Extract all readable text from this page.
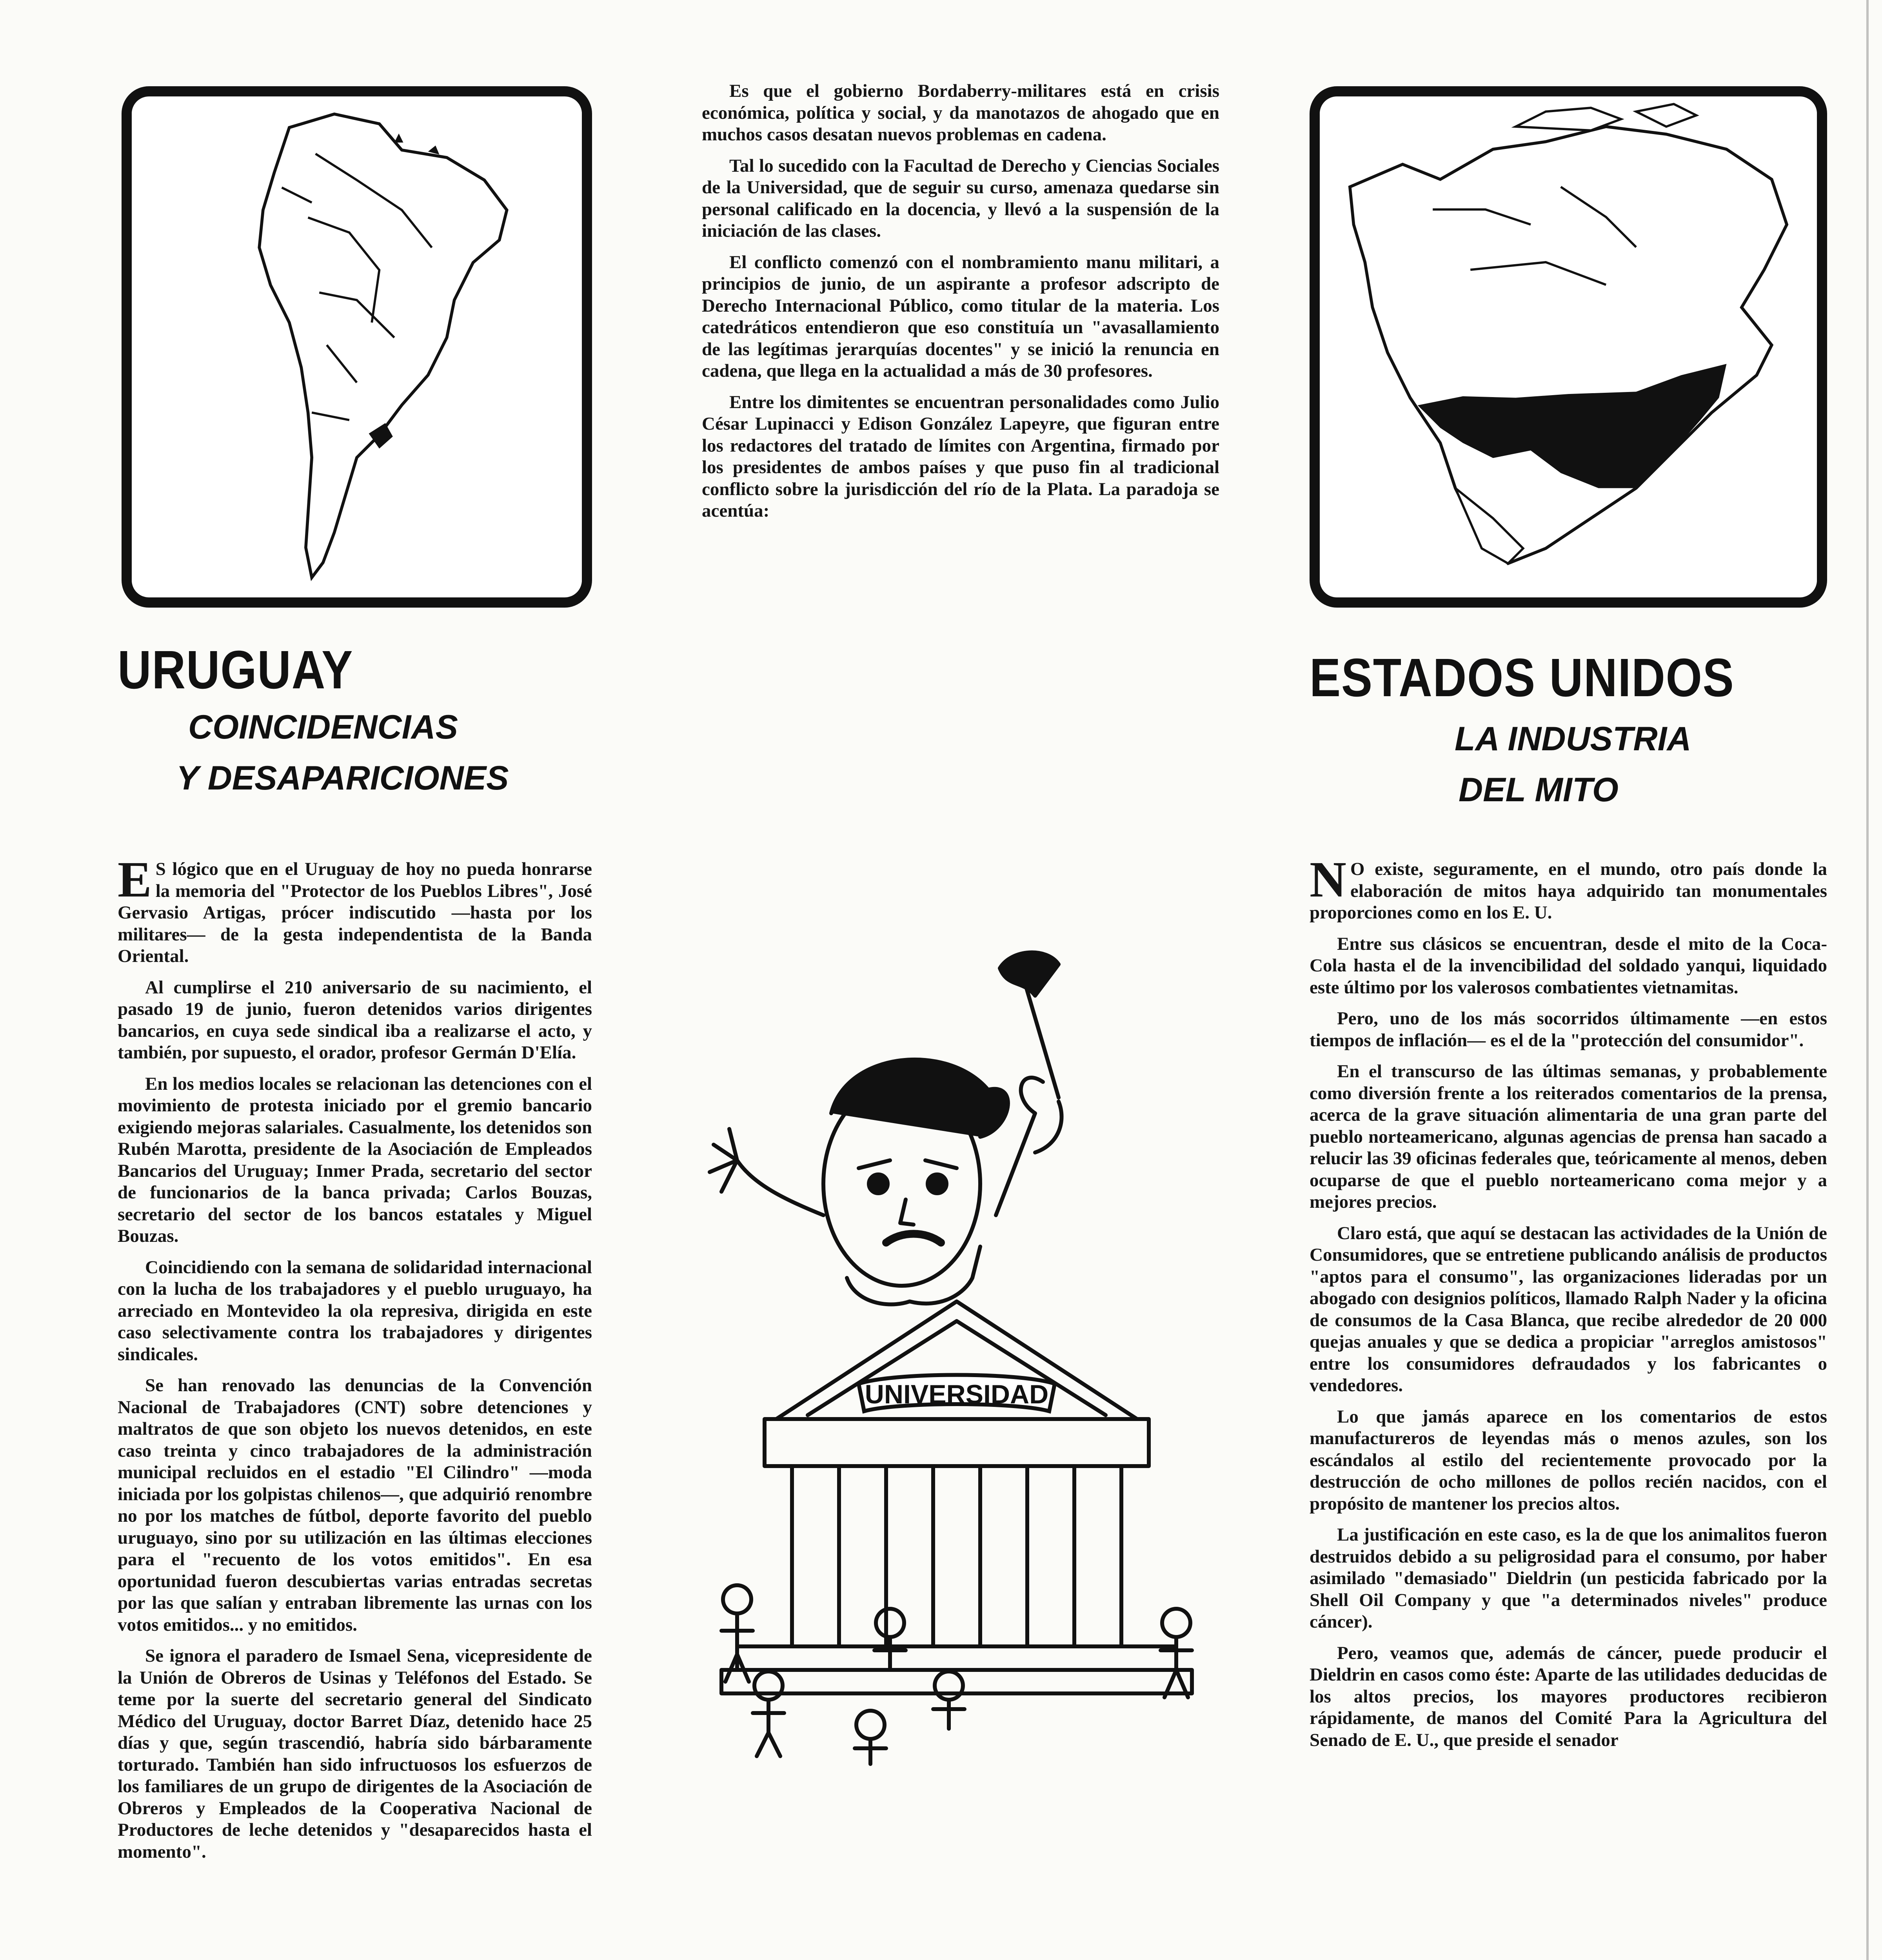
URUGUAY
COINCIDENCIAS
Y DESAPARICIONES

E S lógico que en el Uruguay de hoy no pueda honrarse la memoria del "Protector de los Pueblos Libres", José Gervasio Artigas, prócer indiscutido —hasta por los militares— de la gesta independentista de la Banda Oriental.

Al cumplirse el 210 aniversario de su nacimiento, el pasado 19 de junio, fueron detenidos varios dirigentes bancarios, en cuya sede sindical iba a realizarse el acto, y también, por supuesto, el orador, profesor Germán D'Elía.

En los medios locales se relacionan las detenciones con el movimiento de protesta iniciado por el gremio bancario exigiendo mejoras salariales. Casualmente, los detenidos son Rubén Marotta, presidente de la Asociación de Empleados Bancarios del Uruguay; Inmer Prada, secretario del sector de funcionarios de la banca privada; Carlos Bouzas, secretario del sector de los bancos estatales y Miguel Bouzas.

Coincidiendo con la semana de solidaridad internacional con la lucha de los trabajadores y el pueblo uruguayo, ha arreciado en Montevideo la ola represiva, dirigida en este caso selectivamente contra los trabajadores y dirigentes sindicales.

Se han renovado las denuncias de la Convención Nacional de Trabajadores (CNT) sobre detenciones y maltratos de que son objeto los nuevos detenidos, en este caso treinta y cinco trabajadores de la administración municipal recluidos en el estadio "El Cilindro" —moda iniciada por los golpistas chilenos—, que adquirió renombre no por los matches de fútbol, deporte favorito del pueblo uruguayo, sino por su utilización en las últimas elecciones para el "recuento de los votos emitidos". En esa oportunidad fueron descubiertas varias entradas secretas por las que salían y entraban libremente las urnas con los votos emitidos... y no emitidos.

Se ignora el paradero de Ismael Sena, vicepresidente de la Unión de Obreros de Usinas y Teléfonos del Estado. Se teme por la suerte del secretario general del Sindicato Médico del Uruguay, doctor Barret Díaz, detenido hace 25 días y que, según trascendió, habría sido bárbaramente torturado. También han sido infructuosos los esfuerzos de los familiares de un grupo de dirigentes de la Asociación de Obreros y Empleados de la Cooperativa Nacional de Productores de leche detenidos y "desaparecidos hasta el momento".

Es que el gobierno Bordaberry-militares está en crisis económica, política y social, y da manotazos de ahogado que en muchos casos desatan nuevos problemas en cadena.

Tal lo sucedido con la Facultad de Derecho y Ciencias Sociales de la Universidad, que de seguir su curso, amenaza quedarse sin personal calificado en la docencia, y llevó a la suspensión de la iniciación de las clases.

El conflicto comenzó con el nombramiento manu militari, a principios de junio, de un aspirante a profesor adscripto de Derecho Internacional Público, como titular de la materia. Los catedráticos entendieron que eso constituía un "avasallamiento de las legítimas jerarquías docentes" y se inició la renuncia en cadena, que llega en la actualidad a más de 30 profesores.

Entre los dimitentes se encuentran personalidades como Julio César Lupinacci y Edison González Lapeyre, que figuran entre los redactores del tratado de límites con Argentina, firmado por los presidentes de ambos países y que puso fin al tradicional conflicto sobre la jurisdicción del río de la Plata. La paradoja se acentúa:

UNIVERSIDAD
ESTADOS UNIDOS
LA INDUSTRIA
DEL MITO

N O existe, seguramente, en el mundo, otro país donde la elaboración de mitos haya adquirido tan monumentales proporciones como en los E. U.

Entre sus clásicos se encuentran, desde el mito de la Coca-Cola hasta el de la invencibilidad del soldado yanqui, liquidado este último por los valerosos combatientes vietnamitas.

Pero, uno de los más socorridos últimamente —en estos tiempos de inflación— es el de la "protección del consumidor".

En el transcurso de las últimas semanas, y probablemente como diversión frente a los reiterados comentarios de la prensa, acerca de la grave situación alimentaria de una gran parte del pueblo norteamericano, algunas agencias de prensa han sacado a relucir las 39 oficinas federales que, teóricamente al menos, deben ocuparse de que el pueblo norteamericano coma mejor y a mejores precios.

Claro está, que aquí se destacan las actividades de la Unión de Consumidores, que se entretiene publicando análisis de productos "aptos para el consumo", las organizaciones lideradas por un abogado con designios políticos, llamado Ralph Nader y la oficina de consumos de la Casa Blanca, que recibe alrededor de 20 000 quejas anuales y que se dedica a propiciar "arreglos amistosos" entre los consumidores defraudados y los fabricantes o vendedores.

Lo que jamás aparece en los comentarios de estos manufactureros de leyendas más o menos azules, son los escándalos al estilo del recientemente provocado por la destrucción de ocho millones de pollos recién nacidos, con el propósito de mantener los precios altos.

La justificación en este caso, es la de que los animalitos fueron destruidos debido a su peligrosidad para el consumo, por haber asimilado "demasiado" Dieldrin (un pesticida fabricado por la Shell Oil Company y que "a determinados niveles" produce cáncer).

Pero, veamos que, además de cáncer, puede producir el Dieldrin en casos como éste: Aparte de las utilidades deducidas de los altos precios, los mayores productores recibieron rápidamente, de manos del Comité Para la Agricultura del Senado de E. U., que preside el senador
